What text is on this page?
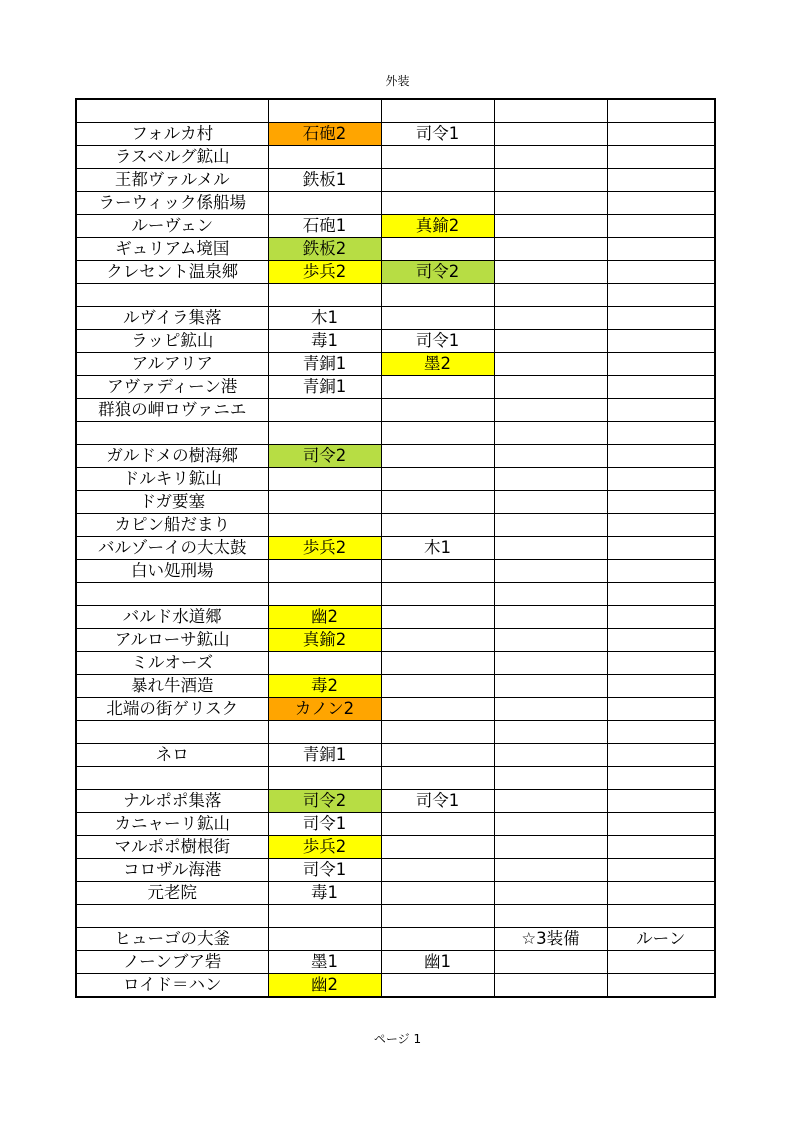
外装

フォルカ村	石砲2	司令1		
ラスベルグ鉱山				
王都ヴァルメル	鉄板1			
ラーウィック係船場				
ルーヴェン	石砲1	真鍮2		
ギュリアム境国	鉄板2			
クレセント温泉郷	歩兵2	司令2		

ルヴイラ集落	木1			
ラッピ鉱山	毒1	司令1		
アルアリア	青銅1	墨2		
アヴァディーン港	青銅1			
群狼の岬ロヴァニエ				

ガルドメの樹海郷	司令2			
ドルキリ鉱山				
ドガ要塞				
カピン船だまり				
バルゾーイの大太鼓	歩兵2	木1		
白い処刑場				

バルド水道郷	幽2			
アルローサ鉱山	真鍮2			
ミルオーズ				
暴れ牛酒造	毒2			
北端の街ゲリスク	カノン2			

ネロ	青銅1			

ナルポポ集落	司令2	司令1		
カニャーリ鉱山	司令1			
マルポポ樹根街	歩兵2			
コロザル海港	司令1			
元老院	毒1			

ヒューゴの大釜			☆3装備	ルーン
ノーンブア砦	墨1	幽1		
ロイド＝ハン	幽2			
ページ 1
